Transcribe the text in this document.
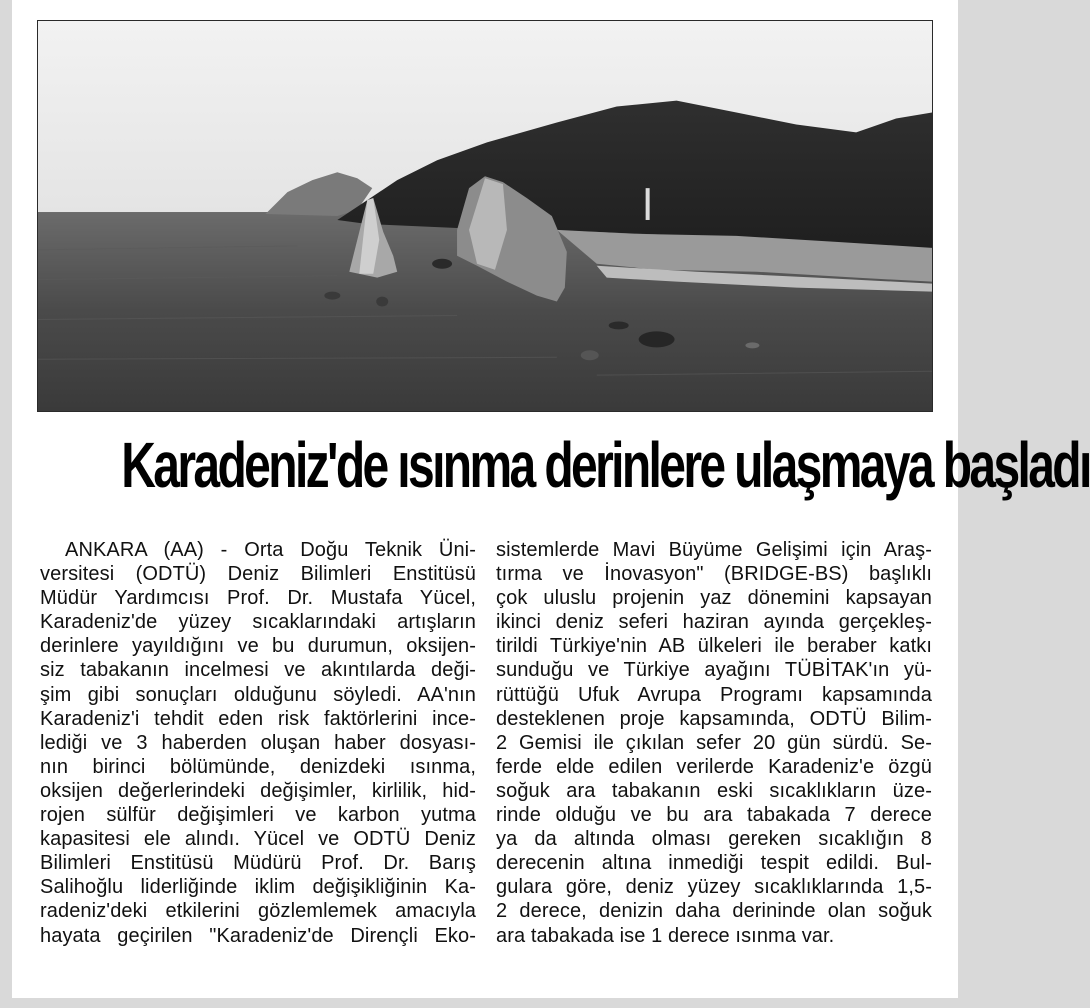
Karadeniz'de ısınma derinlere ulaşmaya başladı
ANKARA (AA) - Orta Doğu Teknik Üni-
versitesi (ODTÜ) Deniz Bilimleri Enstitüsü
Müdür Yardımcısı Prof. Dr. Mustafa Yücel,
Karadeniz'de yüzey sıcaklarındaki artışların
derinlere yayıldığını ve bu durumun, oksijen-
siz tabakanın incelmesi ve akıntılarda deği-
şim gibi sonuçları olduğunu söyledi. AA'nın
Karadeniz'i tehdit eden risk faktörlerini ince-
lediği ve 3 haberden oluşan haber dosyası-
nın birinci bölümünde, denizdeki ısınma,
oksijen değerlerindeki değişimler, kirlilik, hid-
rojen sülfür değişimleri ve karbon yutma
kapasitesi ele alındı. Yücel ve ODTÜ Deniz
Bilimleri Enstitüsü Müdürü Prof. Dr. Barış
Salihoğlu liderliğinde iklim değişikliğinin Ka-
radeniz'deki etkilerini gözlemlemek amacıyla
hayata geçirilen "Karadeniz'de Dirençli Eko-
sistemlerde Mavi Büyüme Gelişimi için Araş-
tırma ve İnovasyon" (BRIDGE-BS) başlıklı
çok uluslu projenin yaz dönemini kapsayan
ikinci deniz seferi haziran ayında gerçekleş-
tirildi Türkiye'nin AB ülkeleri ile beraber katkı
sunduğu ve Türkiye ayağını TÜBİTAK'ın yü-
rüttüğü Ufuk Avrupa Programı kapsamında
desteklenen proje kapsamında, ODTÜ Bilim-
2 Gemisi ile çıkılan sefer 20 gün sürdü. Se-
ferde elde edilen verilerde Karadeniz'e özgü
soğuk ara tabakanın eski sıcaklıkların üze-
rinde olduğu ve bu ara tabakada 7 derece
ya da altında olması gereken sıcaklığın 8
derecenin altına inmediği tespit edildi. Bul-
gulara göre, deniz yüzey sıcaklıklarında 1,5-
2 derece, denizin daha derininde olan soğuk
ara tabakada ise 1 derece ısınma var.
